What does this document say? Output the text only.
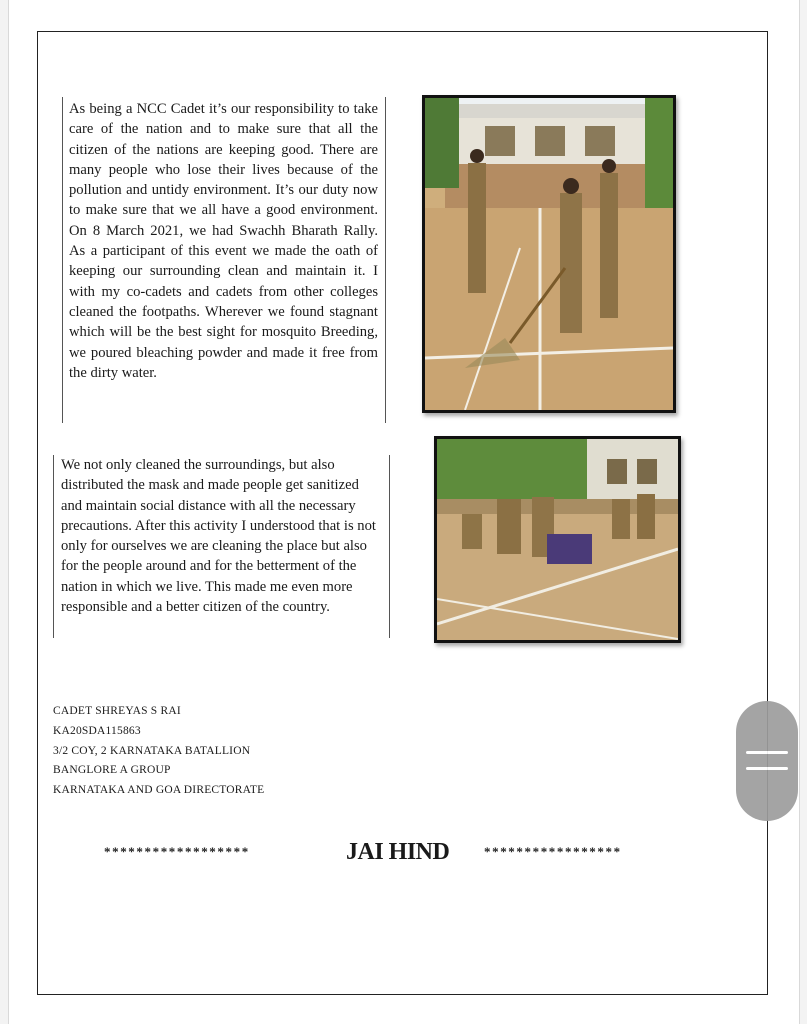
As being a NCC Cadet it’s our responsibility to take care of the nation and to make sure that all the citizen of the nations are keeping good. There are many people who lose their lives because of the pollution and untidy environment. It’s our duty now to make sure that we all have a good environment. On 8 March 2021, we had Swachh Bharath Rally. As a participant of this event we made the oath of keeping our surrounding clean and maintain it. I with my co-cadets and cadets from other colleges cleaned the footpaths. Wherever we found stagnant which will be the best sight for mosquito Breeding, we poured bleaching powder and made it free from the dirty water.
We not only cleaned the surroundings, but also distributed the mask and made people get sanitized and maintain social distance with all the necessary precautions. After this activity I understood that is not only for ourselves we are cleaning the place but also for the people around and for the betterment of the nation in which we live. This made me even more responsible and a better citizen of the country.
CADET SHREYAS S RAI
KA20SDA115863
3/2 COY, 2 KARNATAKA BATALLION
BANGLORE A GROUP
KARNATAKA AND GOA DIRECTORATE
******************	JAI HIND	*****************
